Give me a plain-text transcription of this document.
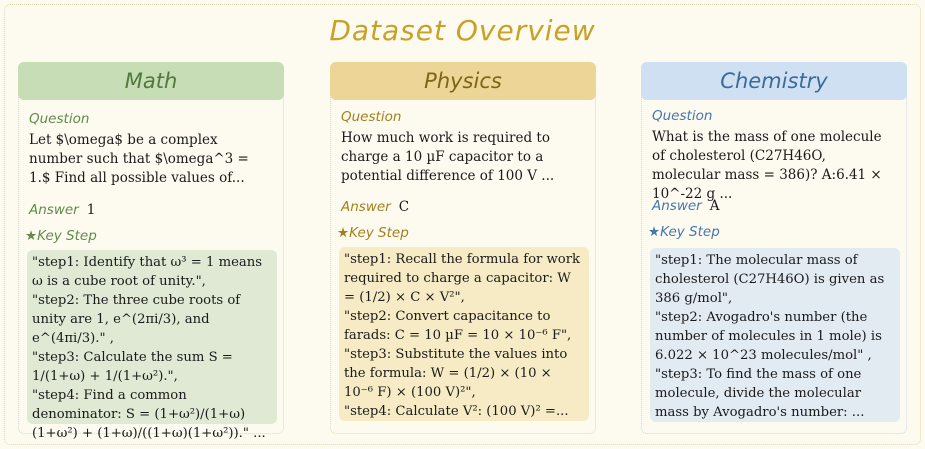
Dataset Overview
Math
Question
Let $\omega$ be a complex number such that $\omega^3 = 1.$ Find all possible values of...
Answer 1
★Key Step
"step1: Identify that ω³ = 1 means ω is a cube root of unity.",
"step2: The three cube roots of unity are 1, e^(2πi/3), and e^(4πi/3)." ,
"step3: Calculate the sum S = 1/(1+ω) + 1/(1+ω²).",
"step4: Find a common denominator: S = (1+ω²)/(1+ω)(1+ω²) + (1+ω)/((1+ω)(1+ω²))." ...
Physics
Question
How much work is required to charge a 10 µF capacitor to a potential difference of 100 V ...
Answer C
★Key Step
"step1: Recall the formula for work required to charge a capacitor: W = (1/2) × C × V²",
"step2: Convert capacitance to farads: C = 10 µF = 10 × 10⁻⁶ F",
"step3: Substitute the values into the formula: W = (1/2) × (10 × 10⁻⁶ F) × (100 V)²",
"step4: Calculate V²: (100 V)² =...
Chemistry
Question
What is the mass of one molecule of cholesterol (C27H46O, molecular mass = 386)? A:6.41 × 10^-22 g ...
Answer A
★Key Step
"step1: The molecular mass of cholesterol (C27H46O) is given as 386 g/mol",
"step2: Avogadro's number (the number of molecules in 1 mole) is 6.022 × 10^23 molecules/mol" ,
"step3: To find the mass of one molecule, divide the molecular mass by Avogadro's number: ...
